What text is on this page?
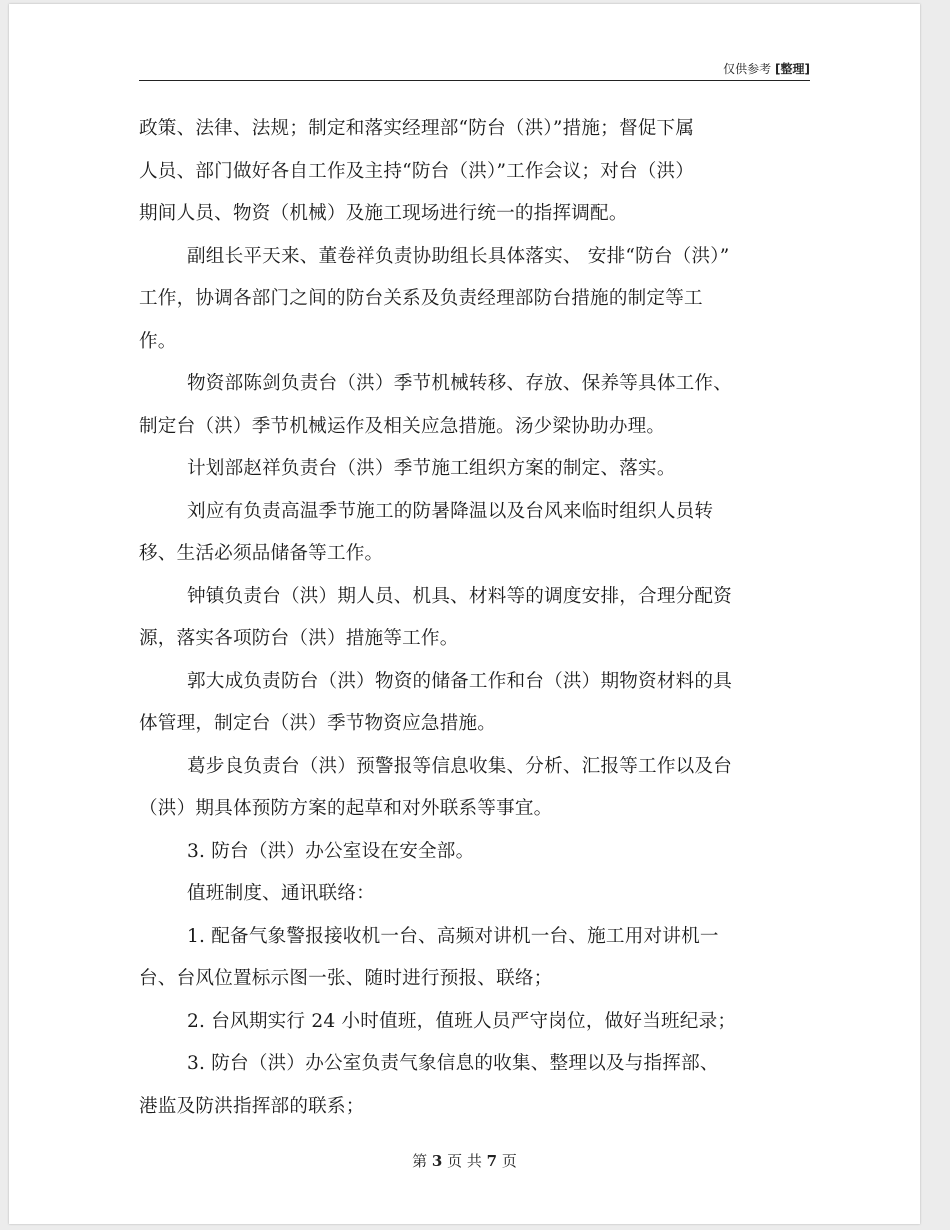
仅供参考 [整理]
政策、法律、法规；制定和落实经理部“防台（洪）”措施；督促下属
人员、部门做好各自工作及主持“防台（洪）”工作会议；对台（洪）
期间人员、物资（机械）及施工现场进行统一的指挥调配。
副组长平天来、董卷祥负责协助组长具体落实、 安排“防台（洪）”
工作，协调各部门之间的防台关系及负责经理部防台措施的制定等工
作。
物资部陈剑负责台（洪）季节机械转移、存放、保养等具体工作、
制定台（洪）季节机械运作及相关应急措施。汤少梁协助办理。
计划部赵祥负责台（洪）季节施工组织方案的制定、落实。
刘应有负责高温季节施工的防暑降温以及台风来临时组织人员转
移、生活必须品储备等工作。
钟镇负责台（洪）期人员、机具、材料等的调度安排，合理分配资
源，落实各项防台（洪）措施等工作。
郭大成负责防台（洪）物资的储备工作和台（洪）期物资材料的具
体管理，制定台（洪）季节物资应急措施。
葛步良负责台（洪）预警报等信息收集、分析、汇报等工作以及台
（洪）期具体预防方案的起草和对外联系等事宜。
3. 防台（洪）办公室设在安全部。
值班制度、通讯联络：
1. 配备气象警报接收机一台、高频对讲机一台、施工用对讲机一
台、台风位置标示图一张、随时进行预报、联络；
2. 台风期实行 24 小时值班，值班人员严守岗位，做好当班纪录；
3. 防台（洪）办公室负责气象信息的收集、整理以及与指挥部、
港监及防洪指挥部的联系；
第 3 页 共 7 页
